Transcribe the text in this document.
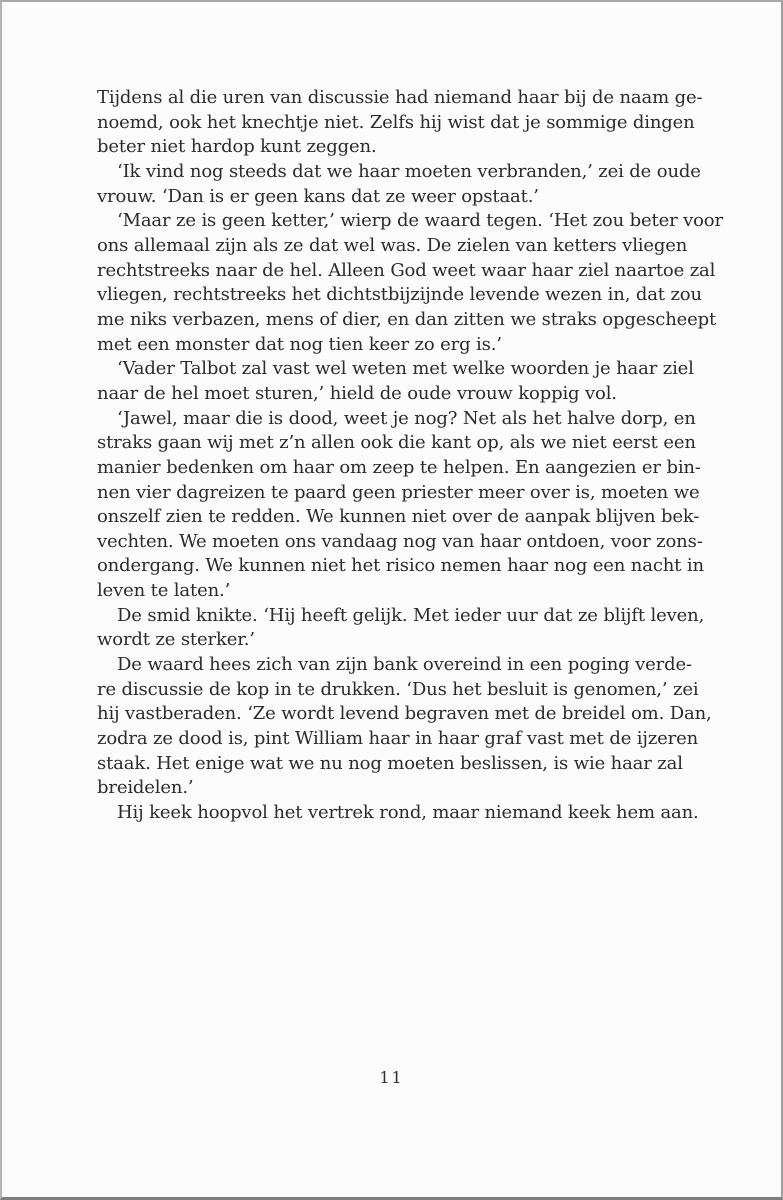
Tijdens al die uren van discussie had niemand haar bij de naam ge-
noemd, ook het knechtje niet. Zelfs hij wist dat je sommige dingen
beter niet hardop kunt zeggen.
‘Ik vind nog steeds dat we haar moeten verbranden,’ zei de oude
vrouw. ‘Dan is er geen kans dat ze weer opstaat.’
‘Maar ze is geen ketter,’ wierp de waard tegen. ‘Het zou beter voor
ons allemaal zijn als ze dat wel was. De zielen van ketters vliegen
rechtstreeks naar de hel. Alleen God weet waar haar ziel naartoe zal
vliegen, rechtstreeks het dichtstbijzijnde levende wezen in, dat zou
me niks verbazen, mens of dier, en dan zitten we straks opgescheept
met een monster dat nog tien keer zo erg is.’
‘Vader Talbot zal vast wel weten met welke woorden je haar ziel
naar de hel moet sturen,’ hield de oude vrouw koppig vol.
‘Jawel, maar die is dood, weet je nog? Net als het halve dorp, en
straks gaan wij met z’n allen ook die kant op, als we niet eerst een
manier bedenken om haar om zeep te helpen. En aangezien er bin-
nen vier dagreizen te paard geen priester meer over is, moeten we
onszelf zien te redden. We kunnen niet over de aanpak blijven bek-
vechten. We moeten ons vandaag nog van haar ontdoen, voor zons-
ondergang. We kunnen niet het risico nemen haar nog een nacht in
leven te laten.’
De smid knikte. ‘Hij heeft gelijk. Met ieder uur dat ze blijft leven,
wordt ze sterker.’
De waard hees zich van zijn bank overeind in een poging verde-
re discussie de kop in te drukken. ‘Dus het besluit is genomen,’ zei
hij vastberaden. ‘Ze wordt levend begraven met de breidel om. Dan,
zodra ze dood is, pint William haar in haar graf vast met de ijzeren
staak. Het enige wat we nu nog moeten beslissen, is wie haar zal
breidelen.’
Hij keek hoopvol het vertrek rond, maar niemand keek hem aan.
11
